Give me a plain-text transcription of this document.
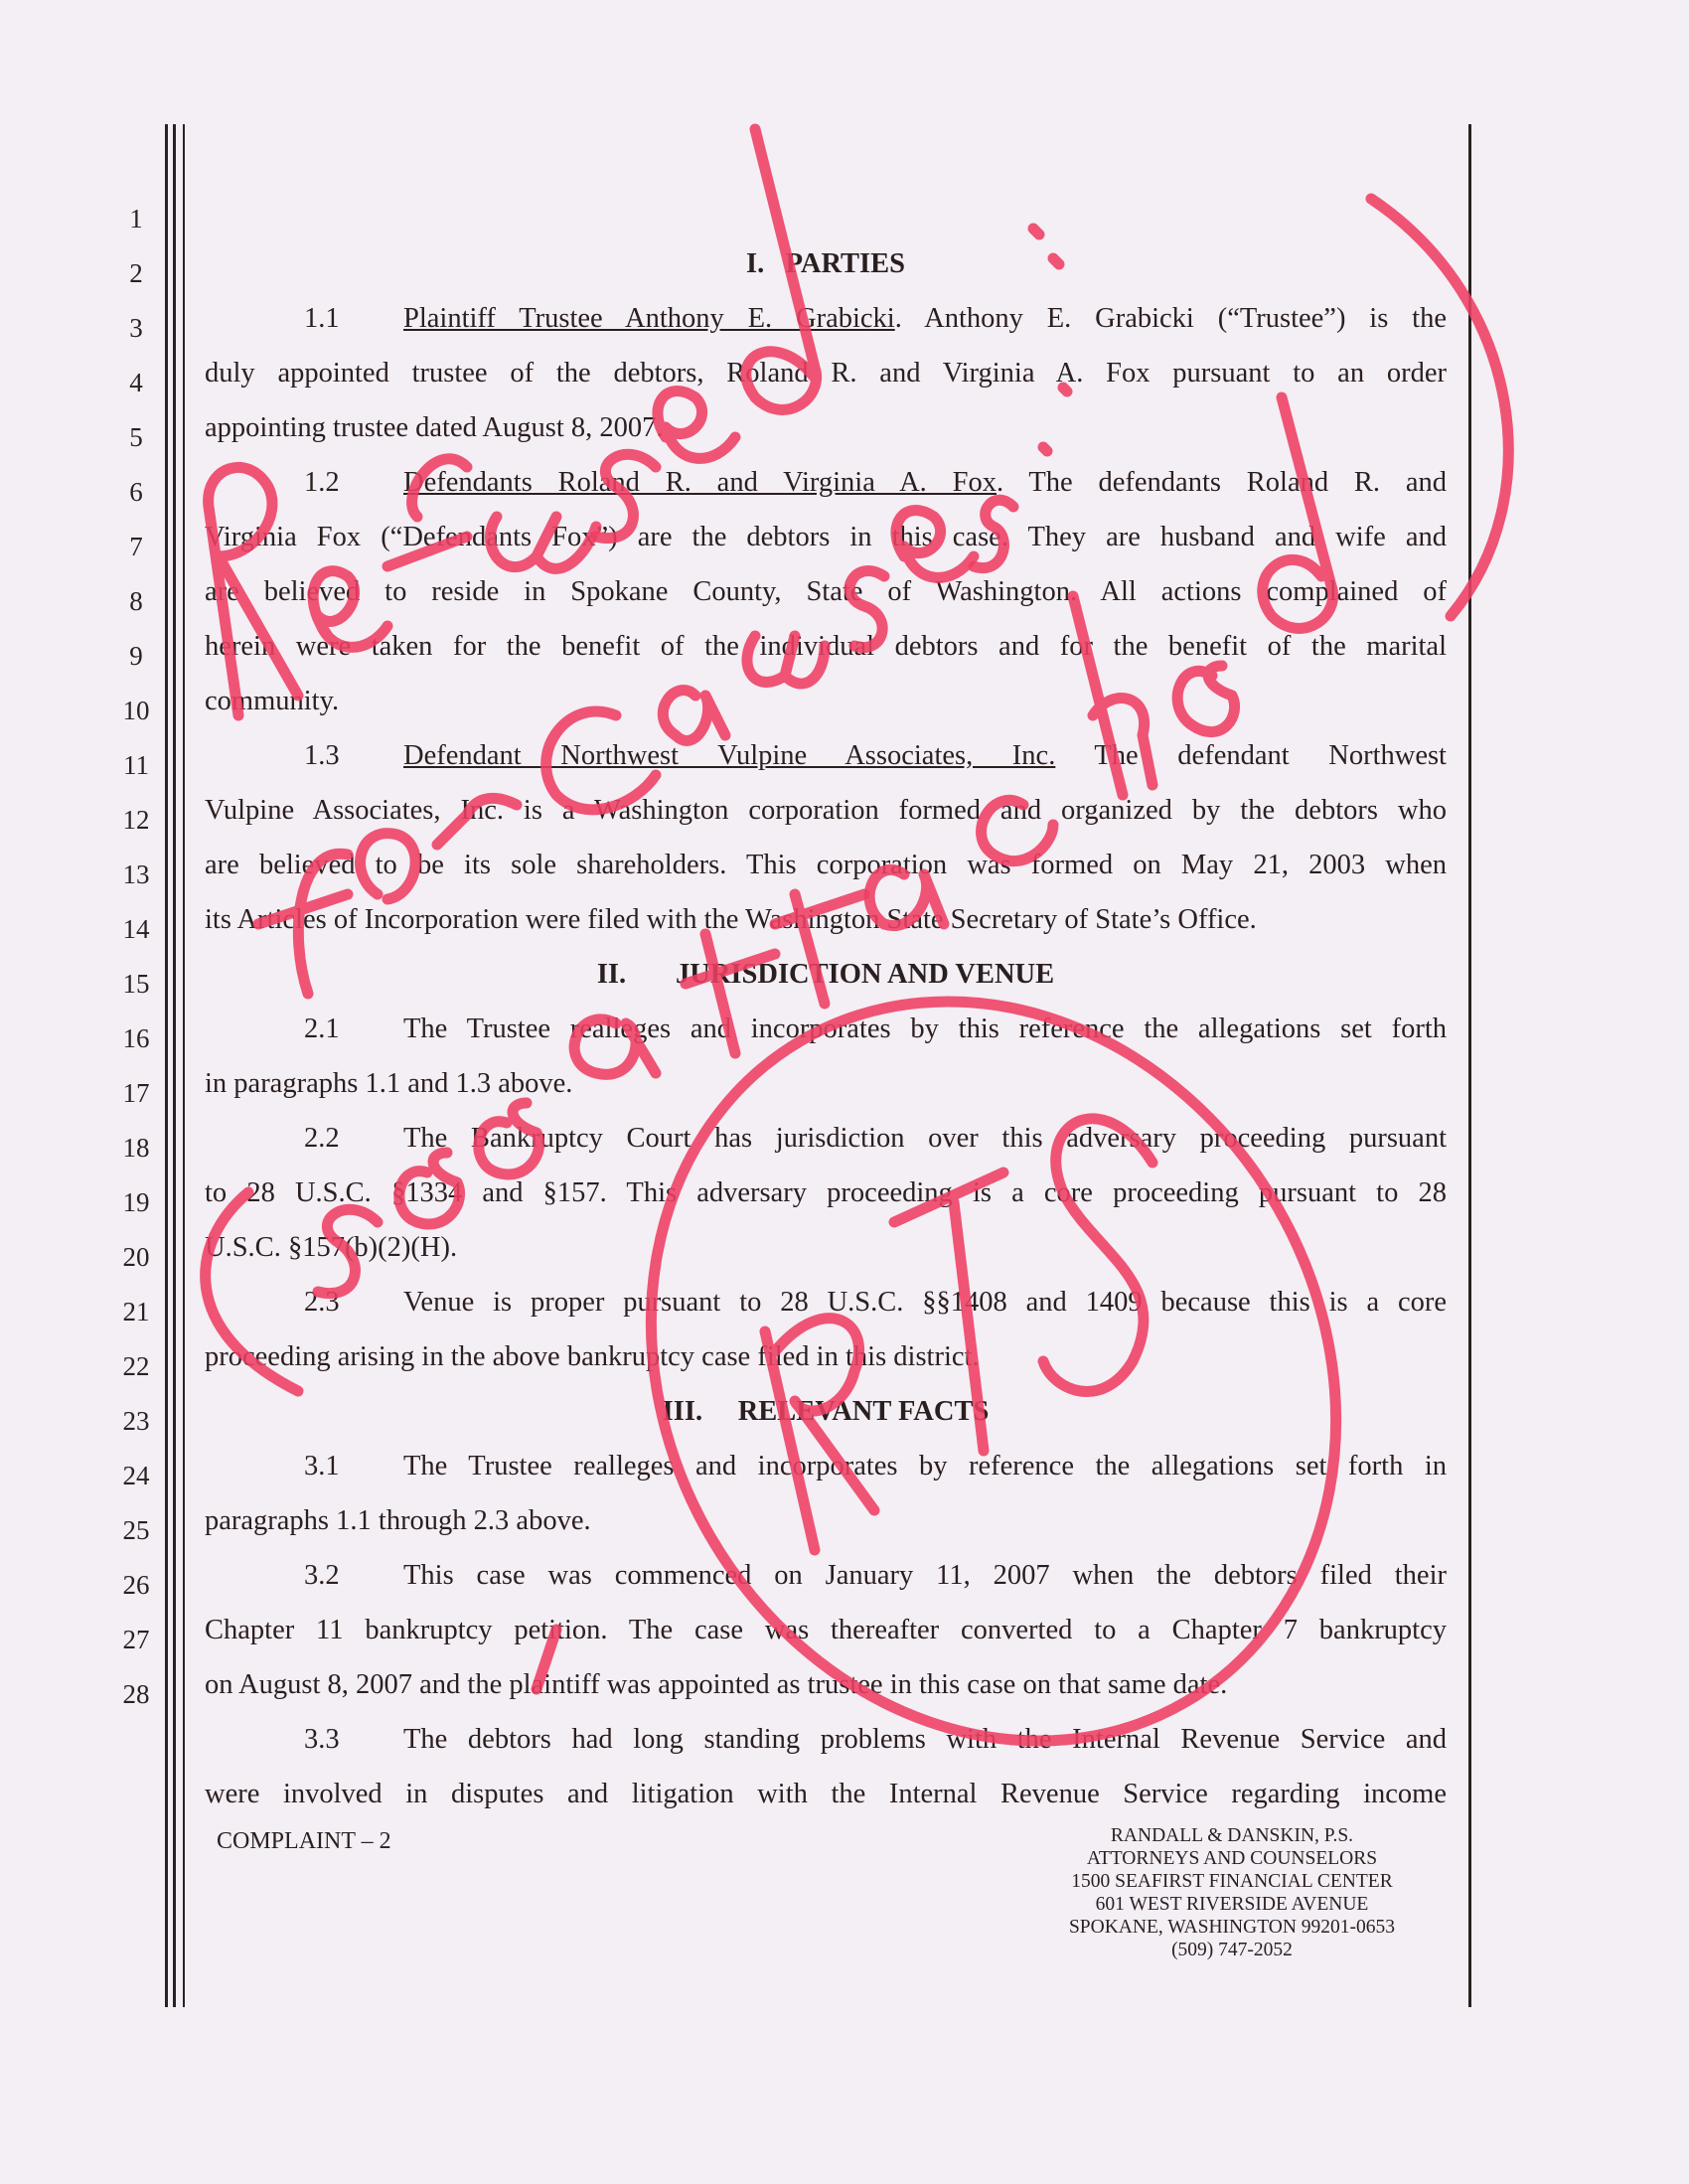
1
2
3
4
5
6
7
8
9
10
11
12
13
14
15
16
17
18
19
20
21
22
23
24
25
26
27
28
I. PARTIES
1.1 Plaintiff Trustee Anthony E. Grabicki. Anthony E. Grabicki (“Trustee”) is the
duly appointed trustee of the debtors, Roland R. and Virginia A. Fox pursuant to an order
appointing trustee dated August 8, 2007.
1.2 Defendants Roland R. and Virginia A. Fox. The defendants Roland R. and
Virginia Fox (“Defendants Fox”) are the debtors in this case. They are husband and wife and
are believed to reside in Spokane County, State of Washington. All actions complained of
herein were taken for the benefit of the individual debtors and for the benefit of the marital
community.
1.3 Defendant Northwest Vulpine Associates, Inc. The defendant Northwest
Vulpine Associates, Inc. is a Washington corporation formed and organized by the debtors who
are believed to be its sole shareholders. This corporation was formed on May 21, 2003 when
its Articles of Incorporation were filed with the Washington State Secretary of State’s Office.
II. JURISDICTION AND VENUE
2.1 The Trustee realleges and incorporates by this reference the allegations set forth
in paragraphs 1.1 and 1.3 above.
2.2 The Bankruptcy Court has jurisdiction over this adversary proceeding pursuant
to 28 U.S.C. §1334 and §157. This adversary proceeding is a core proceeding pursuant to 28
U.S.C. §157(b)(2)(H).
2.3 Venue is proper pursuant to 28 U.S.C. §§1408 and 1409 because this is a core
proceeding arising in the above bankruptcy case filed in this district.
III. RELEVANT FACTS
3.1 The Trustee realleges and incorporates by reference the allegations set forth in
paragraphs 1.1 through 2.3 above.
3.2 This case was commenced on January 11, 2007 when the debtors filed their
Chapter 11 bankruptcy petition. The case was thereafter converted to a Chapter 7 bankruptcy
on August 8, 2007 and the plaintiff was appointed as trustee in this case on that same date.
3.3 The debtors had long standing problems with the Internal Revenue Service and
were involved in disputes and litigation with the Internal Revenue Service regarding income
COMPLAINT – 2	RANDALL & DANSKIN, P.S.
ATTORNEYS AND COUNSELORS
1500 SEAFIRST FINANCIAL CENTER
601 WEST RIVERSIDE AVENUE
SPOKANE, WASHINGTON 99201-0653
(509) 747-2052
